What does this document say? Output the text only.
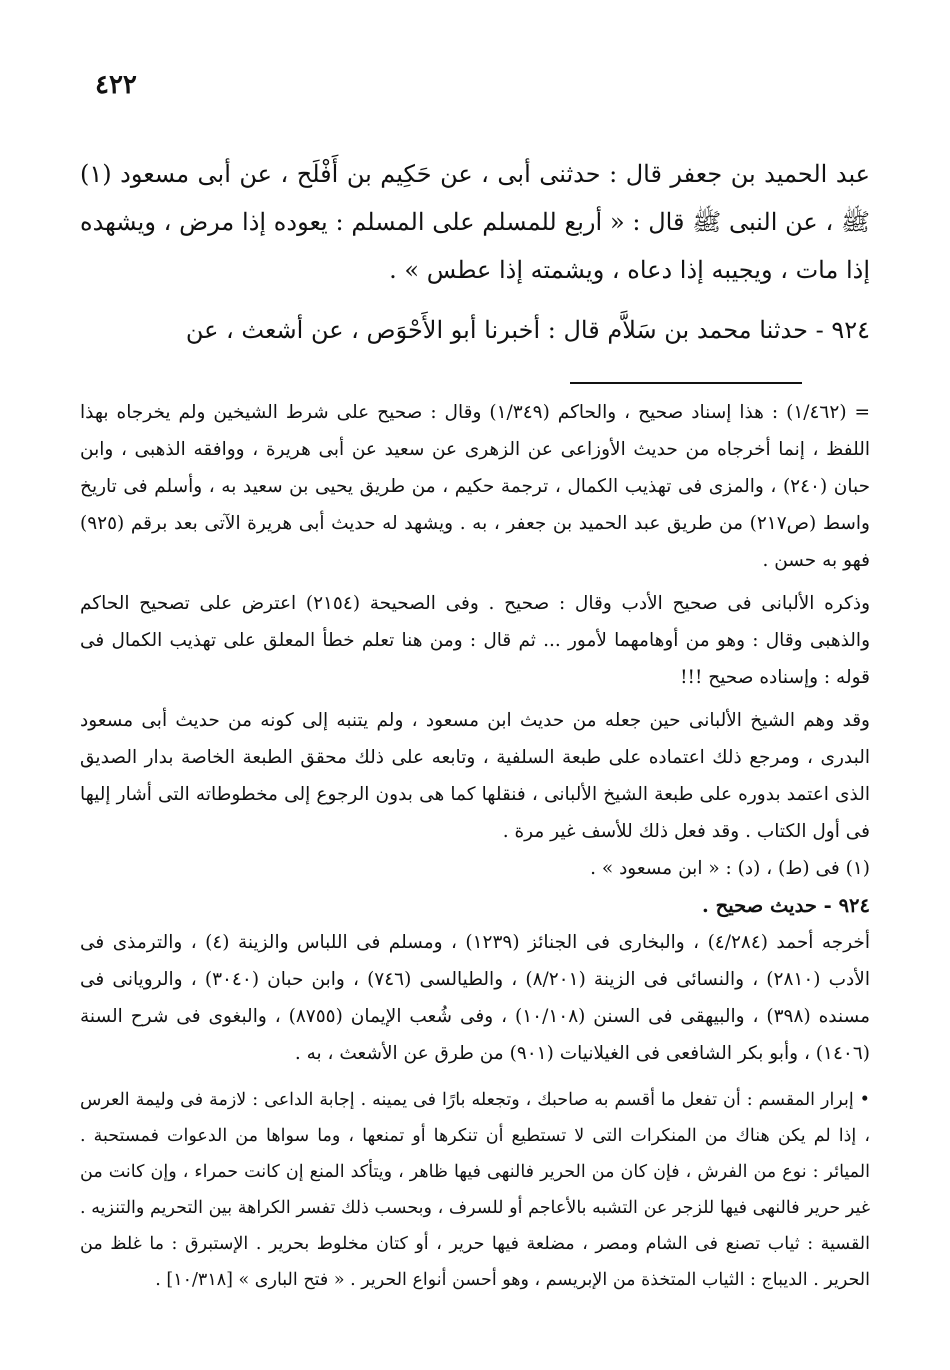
٤٢٢

عبد الحميد بن جعفر قال : حدثنى أبى ، عن حَكِيم بن أَفْلَح ، عن أبى مسعود (١) ﷺ ، عن النبى ﷺ قال : « أربع للمسلم على المسلم : يعوده إذا مرض ، ويشهده إذا مات ، ويجيبه إذا دعاه ، ويشمته إذا عطس » .

٩٢٤ - حدثنا محمد بن سَلاَّم قال : أخبرنا أبو الأَحْوَص ، عن أشعث ، عن

= (١/٤٦٢) : هذا إسناد صحيح ، والحاكم (١/٣٤٩) وقال : صحيح على شرط الشيخين ولم يخرجاه بهذا اللفظ ، إنما أخرجاه من حديث الأوزاعى عن الزهرى عن سعيد عن أبى هريرة ، ووافقه الذهبى ، وابن حبان (٢٤٠) ، والمزى فى تهذيب الكمال ، ترجمة حكيم ، من طريق يحيى بن سعيد به ، وأسلم فى تاريخ واسط (ص٢١٧) من طريق عبد الحميد بن جعفر ، به . ويشهد له حديث أبى هريرة الآتى بعد برقم (٩٢٥) فهو به حسن .

وذكره الألبانى فى صحيح الأدب وقال : صحيح . وفى الصحيحة (٢١٥٤) اعترض على تصحيح الحاكم والذهبى وقال : وهو من أوهامهما لأمور ... ثم قال : ومن هنا تعلم خطأ المعلق على تهذيب الكمال فى قوله : وإسناده صحيح !!!

وقد وهم الشيخ الألبانى حين جعله من حديث ابن مسعود ، ولم يتنبه إلى كونه من حديث أبى مسعود البدرى ، ومرجع ذلك اعتماده على طبعة السلفية ، وتابعه على ذلك محقق الطبعة الخاصة بدار الصديق الذى اعتمد بدوره على طبعة الشيخ الألبانى ، فنقلها كما هى بدون الرجوع إلى مخطوطاته التى أشار إليها فى أول الكتاب . وقد فعل ذلك للأسف غير مرة .

(١) فى (ط) ، (د) : « ابن مسعود » .

٩٢٤ - حديث صحيح .

أخرجه أحمد (٤/٢٨٤) ، والبخارى فى الجنائز (١٢٣٩) ، ومسلم فى اللباس والزينة (٤) ، والترمذى فى الأدب (٢٨١٠) ، والنسائى فى الزينة (٨/٢٠١) ، والطيالسى (٧٤٦) ، وابن حبان (٣٠٤٠) ، والرويانى فى مسنده (٣٩٨) ، والبيهقى فى السنن (١٠/١٠٨) ، وفى شُعب الإيمان (٨٧٥٥) ، والبغوى فى شرح السنة (١٤٠٦) ، وأبو بكر الشافعى فى الغيلانيات (٩٠١) من طرق عن الأشعث ، به .

• إبرار المقسم : أن تفعل ما أقسم به صاحبك ، وتجعله بارًا فى يمينه . إجابة الداعى : لازمة فى وليمة العرس ، إذا لم يكن هناك من المنكرات التى لا تستطيع أن تنكرها أو تمنعها ، وما سواها من الدعوات فمستحبة . الميائر : نوع من الفرش ، فإن كان من الحرير فالنهى فيها ظاهر ، ويتأكد المنع إن كانت حمراء ، وإن كانت من غير حرير فالنهى فيها للزجر عن التشبه بالأعاجم أو للسرف ، وبحسب ذلك تفسر الكراهة بين التحريم والتنزيه . القسية : ثياب تصنع فى الشام ومصر ، مضلعة فيها حرير ، أو كتان مخلوط بحرير . الإستبرق : ما غلظ من الحرير . الديباج : الثياب المتخذة من الإبريسم ، وهو أحسن أنواع الحرير . « فتح البارى » [١٠/٣١٨] .
